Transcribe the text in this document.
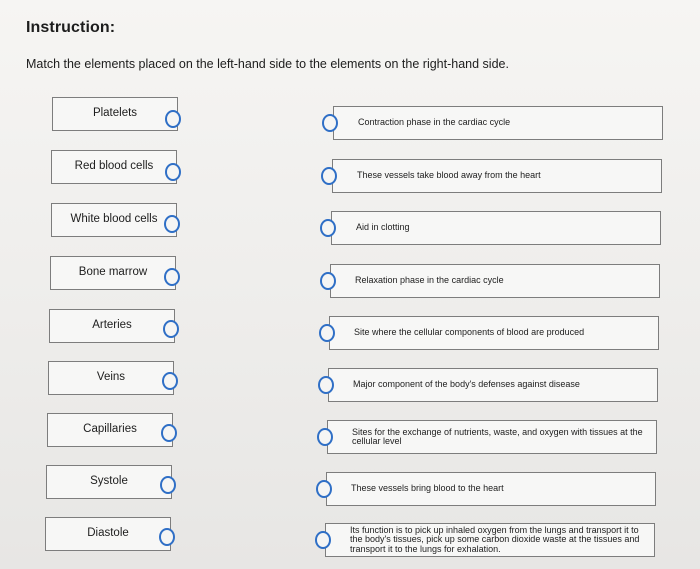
Instruction:
Match the elements placed on the left-hand side to the elements on the right-hand side.
Platelets
Red blood cells
White blood cells
Bone marrow
Arteries
Veins
Capillaries
Systole
Diastole
Contraction phase in the cardiac cycle
These vessels take blood away from the heart
Aid in clotting
Relaxation phase in the cardiac cycle
Site where the cellular components of blood are produced
Major component of the body's defenses against disease
Sites for the exchange of nutrients, waste, and oxygen with tissues at the cellular level
These vessels bring blood to the heart
Its function is to pick up inhaled oxygen from the lungs and transport it to the body's tissues, pick up some carbon dioxide waste at the tissues and transport it to the lungs for exhalation.
